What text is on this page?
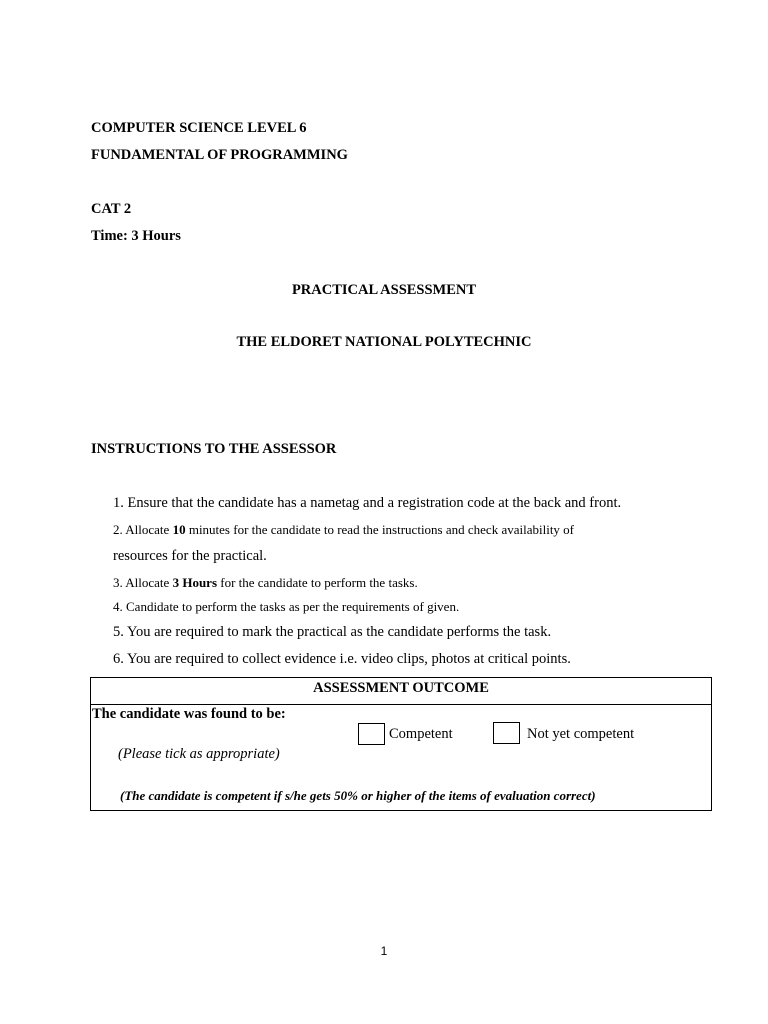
COMPUTER SCIENCE LEVEL 6
FUNDAMENTAL OF PROGRAMMING
CAT 2
Time: 3 Hours
PRACTICAL ASSESSMENT
THE ELDORET NATIONAL POLYTECHNIC
INSTRUCTIONS TO THE ASSESSOR
1. Ensure that the candidate has a nametag and a registration code at the back and front.
2. Allocate 10 minutes for the candidate to read the instructions and check availability of
resources for the practical.
3. Allocate 3 Hours for the candidate to perform the tasks.
4. Candidate to perform the tasks as per the requirements of given.
5. You are required to mark the practical as the candidate performs the task.
6. You are required to collect evidence i.e. video clips, photos at critical points.
ASSESSMENT OUTCOME
The candidate was found to be:
Competent	Not yet competent
(Please tick as appropriate)
(The candidate is competent if s/he gets 50% or higher of the items of evaluation correct)
1
